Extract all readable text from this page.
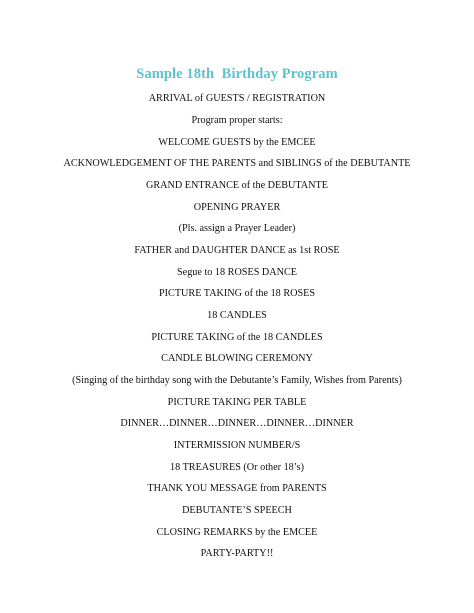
Sample 18th  Birthday Program
ARRIVAL of GUESTS / REGISTRATION
Program proper starts:
WELCOME GUESTS by the EMCEE
ACKNOWLEDGEMENT OF THE PARENTS and SIBLINGS of the DEBUTANTE
GRAND ENTRANCE of the DEBUTANTE
OPENING PRAYER
(Pls. assign a Prayer Leader)
FATHER and DAUGHTER DANCE as 1st ROSE
Segue to 18 ROSES DANCE
PICTURE TAKING of the 18 ROSES
18 CANDLES
PICTURE TAKING of the 18 CANDLES
CANDLE BLOWING CEREMONY
(Singing of the birthday song with the Debutante’s Family, Wishes from Parents)
PICTURE TAKING PER TABLE
DINNER…DINNER…DINNER…DINNER…DINNER
INTERMISSION NUMBER/S
18 TREASURES (Or other 18’s)
THANK YOU MESSAGE from PARENTS
DEBUTANTE’S SPEECH
CLOSING REMARKS by the EMCEE
PARTY-PARTY!!
